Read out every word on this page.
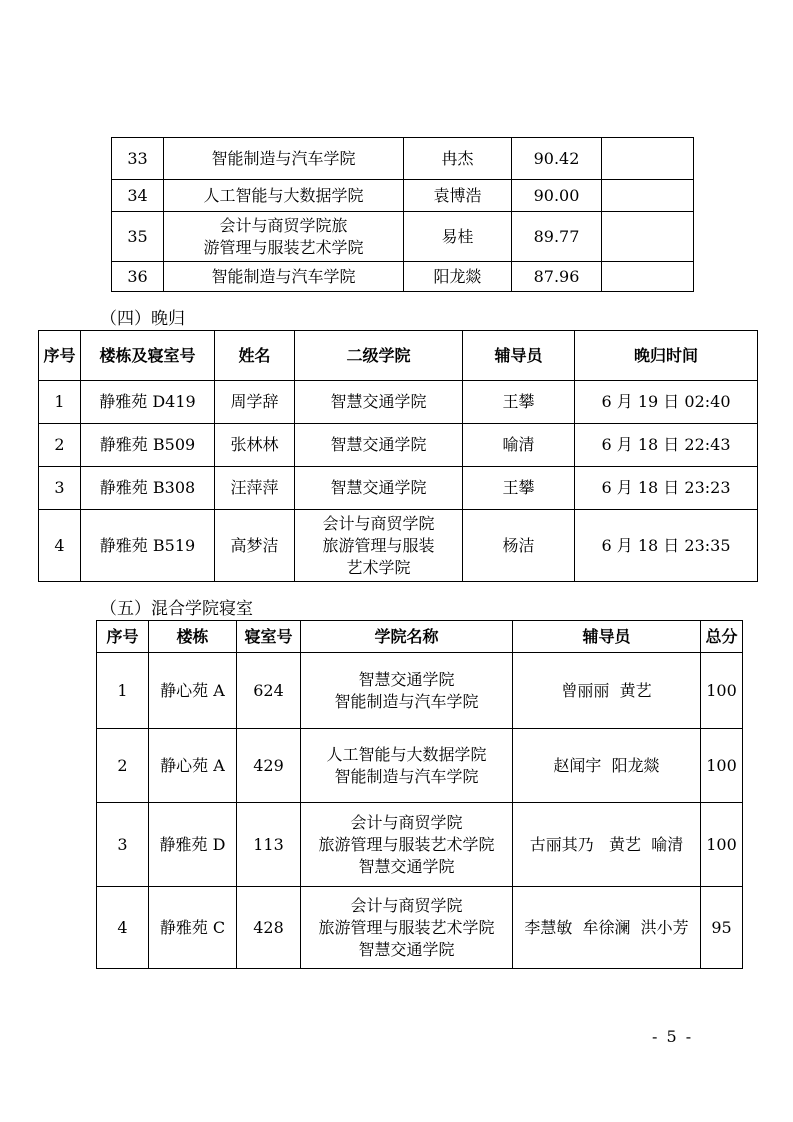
33	智能制造与汽车学院	冉杰	90.42	
34	人工智能与大数据学院	袁博浩	90.00	
35	会计与商贸学院旅
游管理与服装艺术学院	易桂	89.77	
36	智能制造与汽车学院	阳龙燚	87.96	
（四）晚归
序号	楼栋及寝室号	姓名	二级学院	辅导员	晚归时间
1	静雅苑 D419	周学辞	智慧交通学院	王攀	6 月 19 日 02:40
2	静雅苑 B509	张林林	智慧交通学院	喻清	6 月 18 日 22:43
3	静雅苑 B308	汪萍萍	智慧交通学院	王攀	6 月 18 日 23:23
4	静雅苑 B519	高梦洁	会计与商贸学院
旅游管理与服装
艺术学院	杨洁	6 月 18 日 23:35
（五）混合学院寝室
序号	楼栋	寝室号	学院名称	辅导员	总分
1	静心苑 A	624	智慧交通学院
智能制造与汽车学院	曾丽丽  黄艺	100
2	静心苑 A	429	人工智能与大数据学院
智能制造与汽车学院	赵闻宇  阳龙燚	100
3	静雅苑 D	113	会计与商贸学院
旅游管理与服装艺术学院
智慧交通学院	古丽其乃   黄艺  喻清	100
4	静雅苑 C	428	会计与商贸学院
旅游管理与服装艺术学院
智慧交通学院	李慧敏  牟徐澜  洪小芳	95
- 5 -
